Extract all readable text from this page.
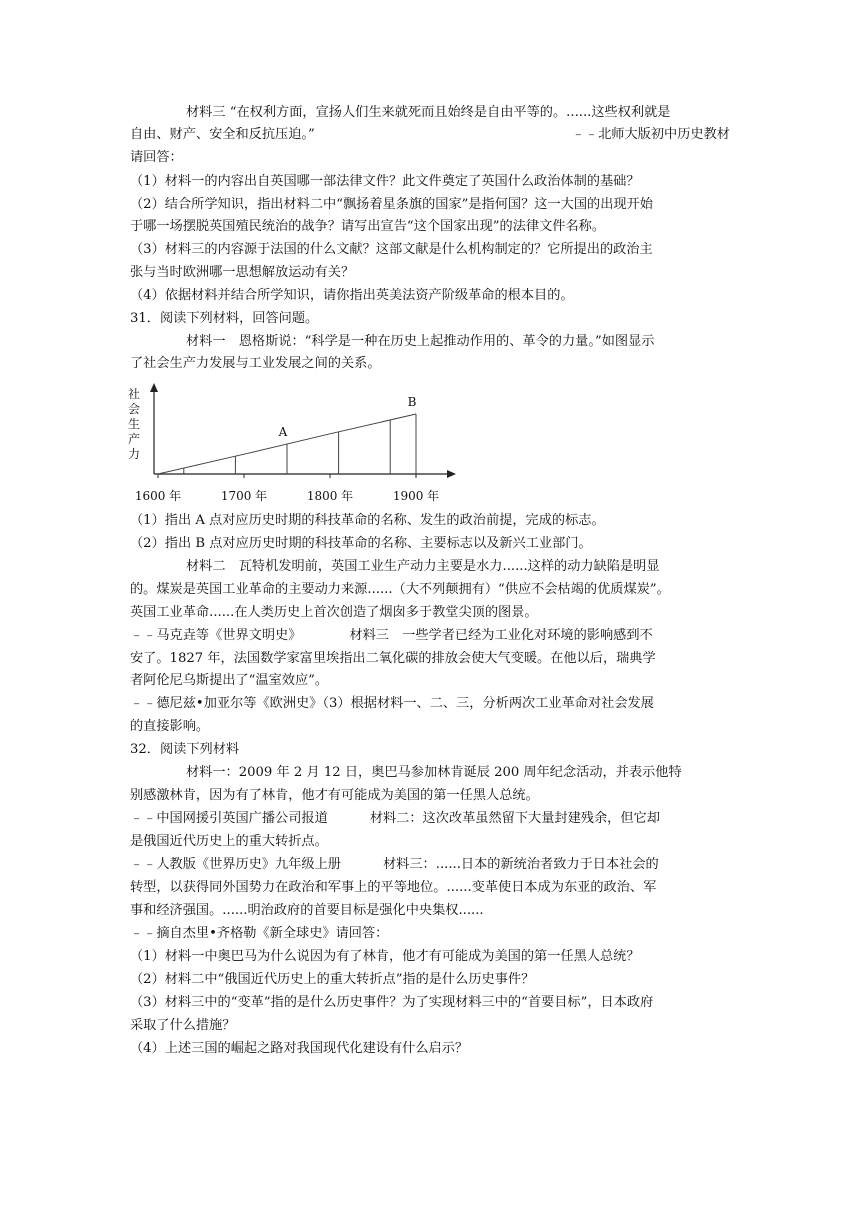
材料三 “在权利方面，宣扬人们生来就死而且始终是自由平等的。......这些权利就是
自由、财产、安全和反抗压迫。”	﹣﹣北师大版初中历史教材
请回答：
（1）材料一的内容出自英国哪一部法律文件？此文件奠定了英国什么政治体制的基础？
（2）结合所学知识，指出材料二中“飘扬着星条旗的国家”是指何国？这一大国的出现开始
于哪一场摆脱英国殖民统治的战争？请写出宣告“这个国家出现”的法律文件名称。
（3）材料三的内容源于法国的什么文献？这部文献是什么机构制定的？它所提出的政治主
张与当时欧洲哪一思想解放运动有关？
（4）依据材料并结合所学知识，请你指出英美法资产阶级革命的根本目的。
31．阅读下列材料，回答问题。
材料一　恩格斯说：“科学是一种在历史上起推动作用的、革令的力量。”如图显示
了社会生产力发展与工业发展之间的关系。
社
会
生
产
力
1600 年	1700 年	1800 年	1900 年
A
B
（1）指出 A 点对应历史时期的科技革命的名称、发生的政治前提，完成的标志。
（2）指出 B 点对应历史时期的科技革命的名称、主要标志以及新兴工业部门。
材料二　瓦特机发明前，英国工业生产动力主要是水力......这样的动力缺陷是明显
的。煤炭是英国工业革命的主要动力来源......（大不列颠拥有）“供应不会枯竭的优质煤炭”。
英国工业革命......在人类历史上首次创造了烟囱多于教堂尖顶的图景。
﹣﹣马克垚等《世界文明史》	材料三　一些学者已经为工业化对环境的影响感到不
安了。1827 年，法国数学家富里埃指出二氧化碳的排放会使大气变暖。在他以后，瑞典学
者阿伦尼乌斯提出了“温室效应”。
﹣﹣德尼兹•加亚尔等《欧洲史》（3）根据材料一、二、三，分析两次工业革命对社会发展
的直接影响。
32．阅读下列材料
材料一：2009 年 2 月 12 日，奥巴马参加林肯诞辰 200 周年纪念活动，并表示他特
别感激林肯，因为有了林肯，他才有可能成为美国的第一任黑人总统。
﹣﹣中国网援引英国广播公司报道	材料二：这次改革虽然留下大量封建残余，但它却
是俄国近代历史上的重大转折点。
﹣﹣人教版《世界历史》九年级上册	材料三：......日本的新统治者致力于日本社会的
转型，以获得同外国势力在政治和军事上的平等地位。......变革使日本成为东亚的政治、军
事和经济强国。......明治政府的首要目标是强化中央集权......
﹣﹣摘自杰里•齐格勒《新全球史》请回答：
（1）材料一中奥巴马为什么说因为有了林肯，他才有可能成为美国的第一任黑人总统？
（2）材料二中“俄国近代历史上的重大转折点”指的是什么历史事件？
（3）材料三中的“变革”指的是什么历史事件？为了实现材料三中的“首要目标”，日本政府
采取了什么措施？
（4）上述三国的崛起之路对我国现代化建设有什么启示？
